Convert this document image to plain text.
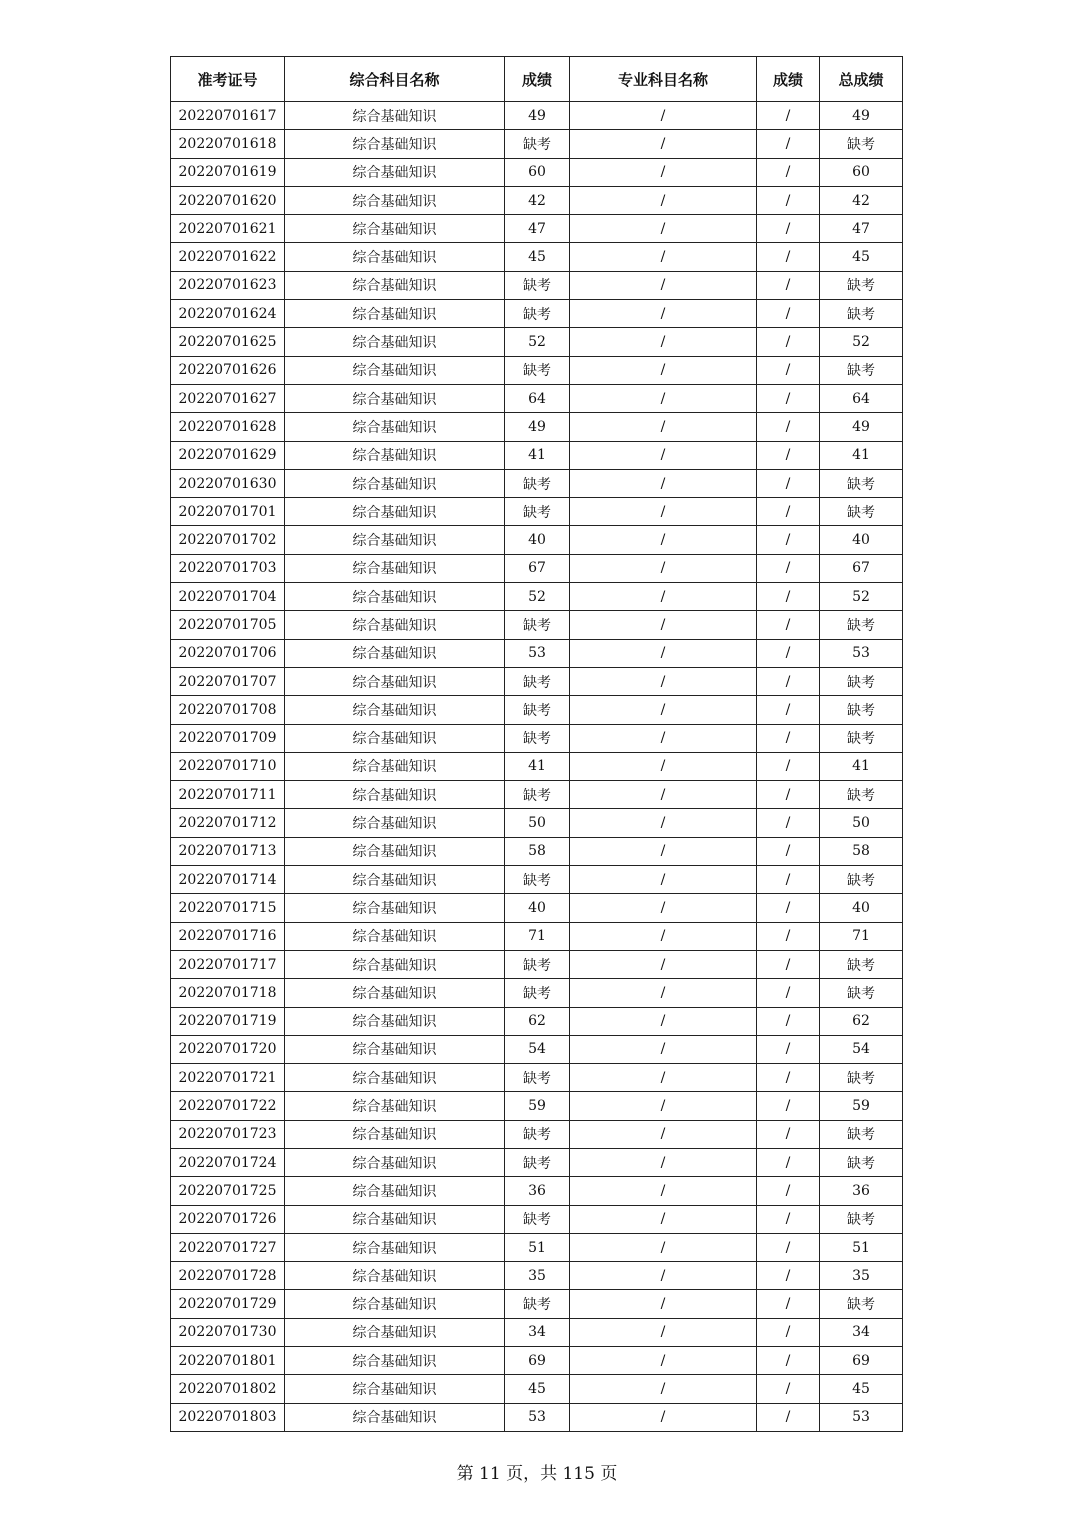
准考证号	综合科目名称	成绩	专业科目名称	成绩	总成绩
20220701617	综合基础知识	49	/	/	49
20220701618	综合基础知识	缺考	/	/	缺考
20220701619	综合基础知识	60	/	/	60
20220701620	综合基础知识	42	/	/	42
20220701621	综合基础知识	47	/	/	47
20220701622	综合基础知识	45	/	/	45
20220701623	综合基础知识	缺考	/	/	缺考
20220701624	综合基础知识	缺考	/	/	缺考
20220701625	综合基础知识	52	/	/	52
20220701626	综合基础知识	缺考	/	/	缺考
20220701627	综合基础知识	64	/	/	64
20220701628	综合基础知识	49	/	/	49
20220701629	综合基础知识	41	/	/	41
20220701630	综合基础知识	缺考	/	/	缺考
20220701701	综合基础知识	缺考	/	/	缺考
20220701702	综合基础知识	40	/	/	40
20220701703	综合基础知识	67	/	/	67
20220701704	综合基础知识	52	/	/	52
20220701705	综合基础知识	缺考	/	/	缺考
20220701706	综合基础知识	53	/	/	53
20220701707	综合基础知识	缺考	/	/	缺考
20220701708	综合基础知识	缺考	/	/	缺考
20220701709	综合基础知识	缺考	/	/	缺考
20220701710	综合基础知识	41	/	/	41
20220701711	综合基础知识	缺考	/	/	缺考
20220701712	综合基础知识	50	/	/	50
20220701713	综合基础知识	58	/	/	58
20220701714	综合基础知识	缺考	/	/	缺考
20220701715	综合基础知识	40	/	/	40
20220701716	综合基础知识	71	/	/	71
20220701717	综合基础知识	缺考	/	/	缺考
20220701718	综合基础知识	缺考	/	/	缺考
20220701719	综合基础知识	62	/	/	62
20220701720	综合基础知识	54	/	/	54
20220701721	综合基础知识	缺考	/	/	缺考
20220701722	综合基础知识	59	/	/	59
20220701723	综合基础知识	缺考	/	/	缺考
20220701724	综合基础知识	缺考	/	/	缺考
20220701725	综合基础知识	36	/	/	36
20220701726	综合基础知识	缺考	/	/	缺考
20220701727	综合基础知识	51	/	/	51
20220701728	综合基础知识	35	/	/	35
20220701729	综合基础知识	缺考	/	/	缺考
20220701730	综合基础知识	34	/	/	34
20220701801	综合基础知识	69	/	/	69
20220701802	综合基础知识	45	/	/	45
20220701803	综合基础知识	53	/	/	53
第 11 页，共 115 页
